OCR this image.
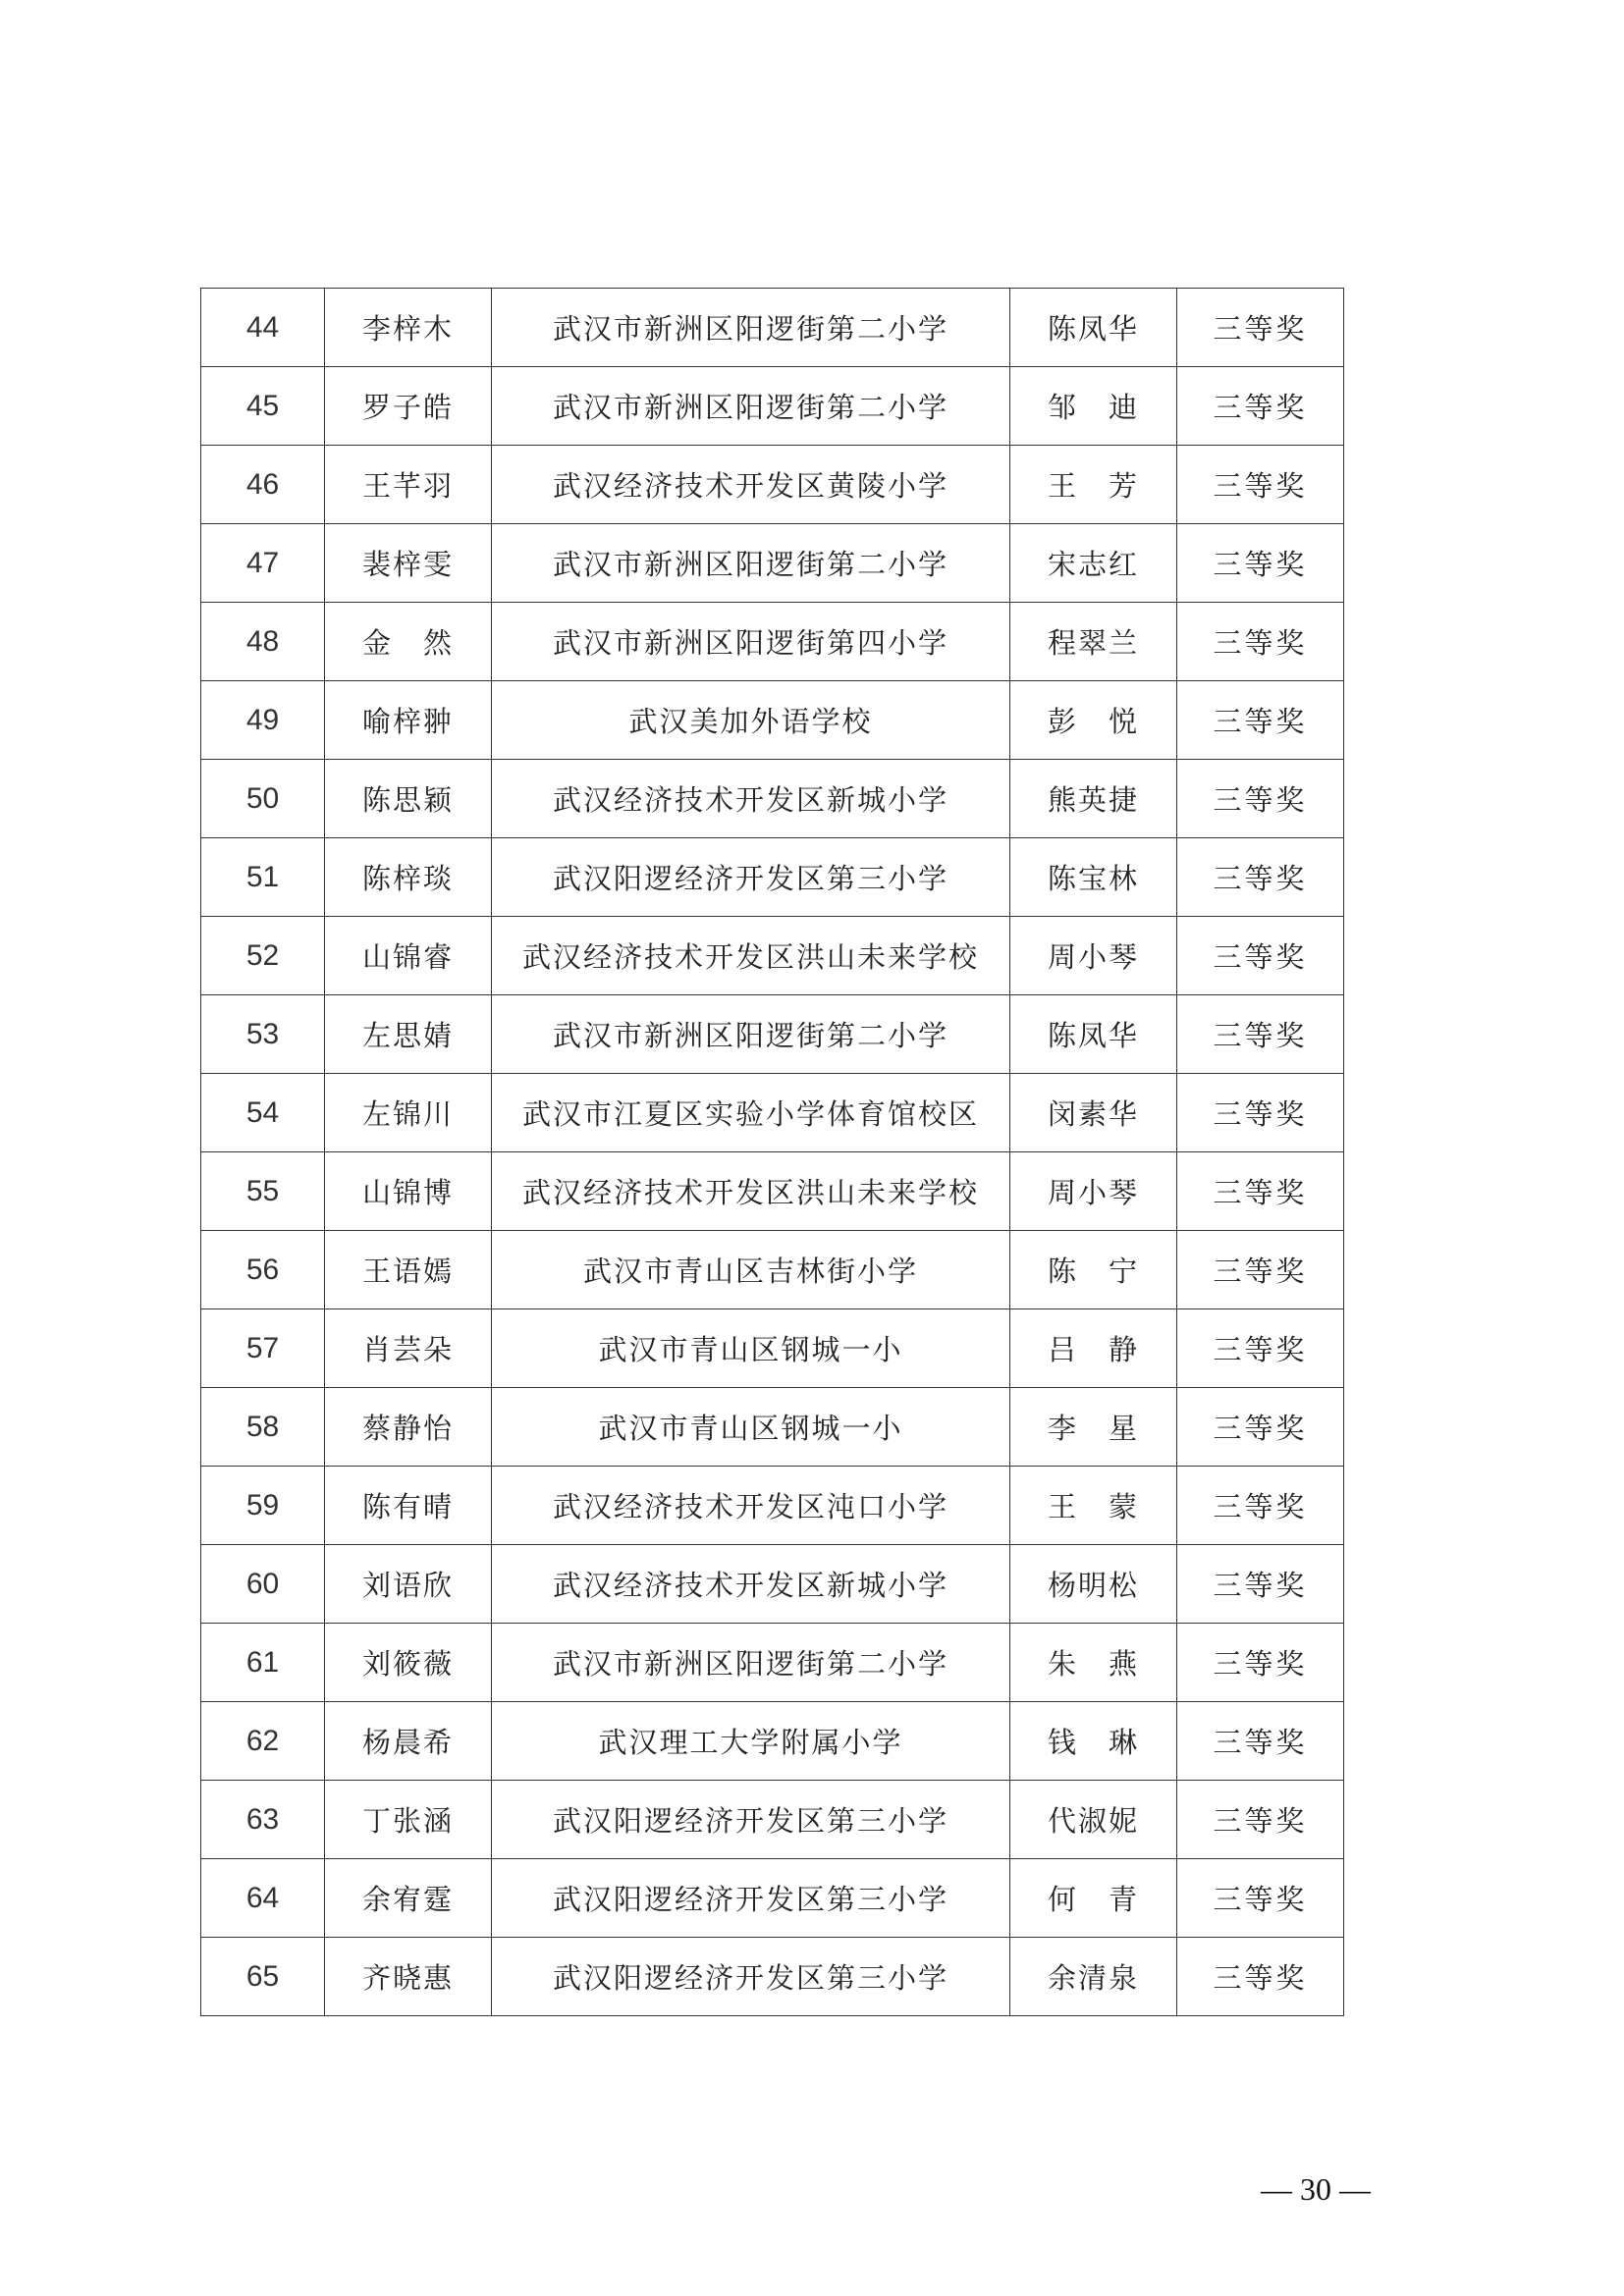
44	李梓木	武汉市新洲区阳逻街第二小学	陈凤华	三等奖
45	罗子皓	武汉市新洲区阳逻街第二小学	邹　迪	三等奖
46	王芊羽	武汉经济技术开发区黄陵小学	王　芳	三等奖
47	裴梓雯	武汉市新洲区阳逻街第二小学	宋志红	三等奖
48	金　然	武汉市新洲区阳逻街第四小学	程翠兰	三等奖
49	喻梓翀	武汉美加外语学校	彭　悦	三等奖
50	陈思颖	武汉经济技术开发区新城小学	熊英捷	三等奖
51	陈梓琰	武汉阳逻经济开发区第三小学	陈宝林	三等奖
52	山锦睿	武汉经济技术开发区洪山未来学校	周小琴	三等奖
53	左思婧	武汉市新洲区阳逻街第二小学	陈凤华	三等奖
54	左锦川	武汉市江夏区实验小学体育馆校区	闵素华	三等奖
55	山锦博	武汉经济技术开发区洪山未来学校	周小琴	三等奖
56	王语嫣	武汉市青山区吉林街小学	陈　宁	三等奖
57	肖芸朵	武汉市青山区钢城一小	吕　静	三等奖
58	蔡静怡	武汉市青山区钢城一小	李　星	三等奖
59	陈有晴	武汉经济技术开发区沌口小学	王　蒙	三等奖
60	刘语欣	武汉经济技术开发区新城小学	杨明松	三等奖
61	刘筱薇	武汉市新洲区阳逻街第二小学	朱　燕	三等奖
62	杨晨希	武汉理工大学附属小学	钱　琳	三等奖
63	丁张涵	武汉阳逻经济开发区第三小学	代淑妮	三等奖
64	余宥霆	武汉阳逻经济开发区第三小学	何　青	三等奖
65	齐晓惠	武汉阳逻经济开发区第三小学	余清泉	三等奖
— 30 —
